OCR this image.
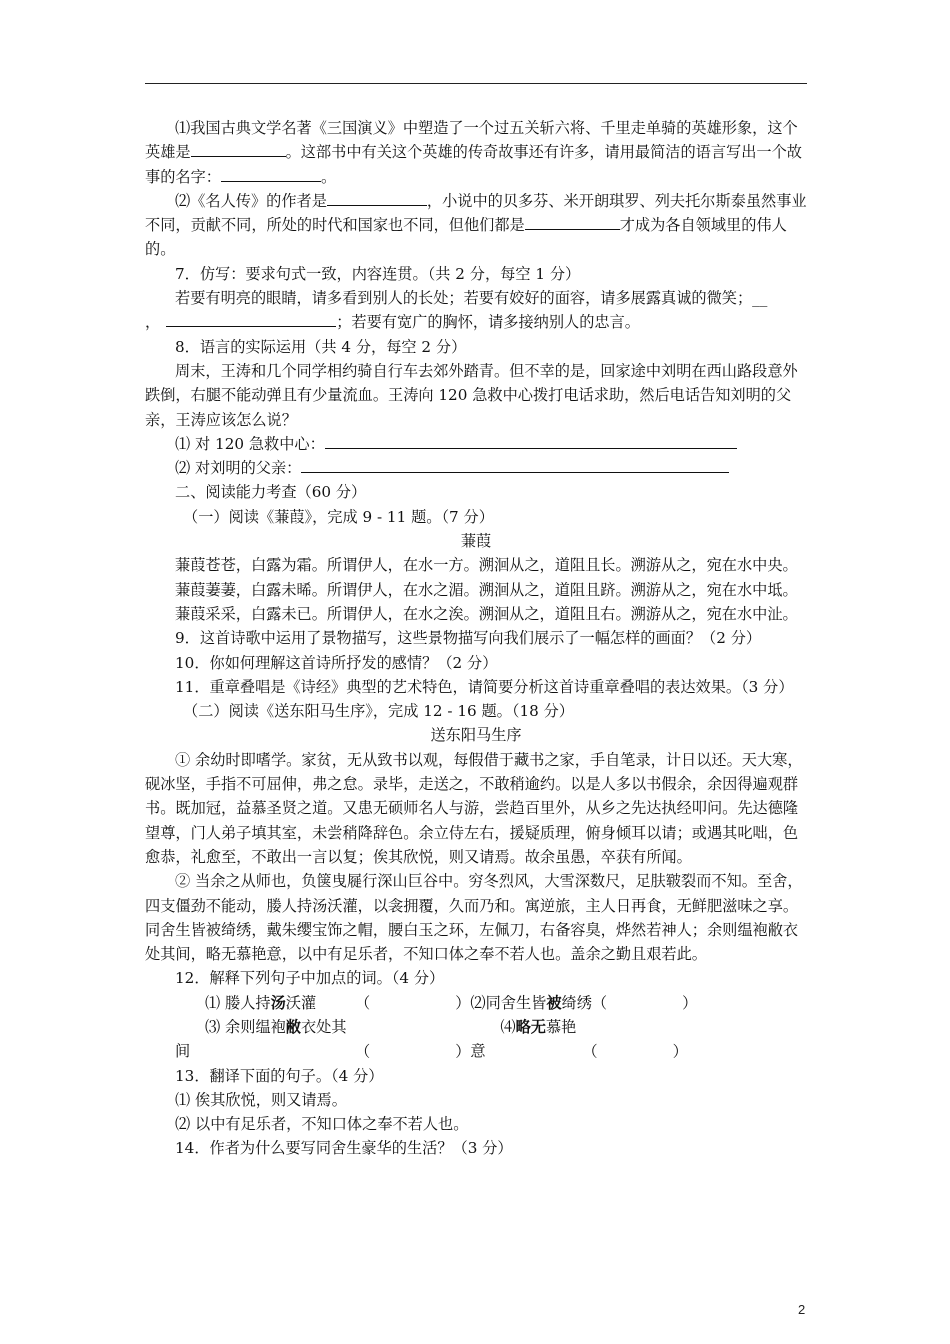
⑴我国古典文学名著《三国演义》中塑造了一个过五关斩六将、千里走单骑的英雄形象，这个英雄是	。这部书中有关这个英雄的传奇故事还有许多，请用最简洁的语言写出一个故事的名字：	。

⑵《名人传》的作者是	，小说中的贝多芬、米开朗琪罗、列夫托尔斯泰虽然事业不同，贡献不同，所处的时代和国家也不同，但他们都是	才成为各自领域里的伟人的。

7．仿写：要求句式一致，内容连贯。（共 2 分，每空 1 分）

若要有明亮的眼睛，请多看到别人的长处；若要有姣好的面容，请多展露真诚的微笑；__

，	；若要有宽广的胸怀，请多接纳别人的忠言。

8．语言的实际运用（共 4 分，每空 2 分）

周末，王涛和几个同学相约骑自行车去郊外踏青。但不幸的是，回家途中刘明在西山路段意外跌倒，右腿不能动弹且有少量流血。王涛向 120 急救中心拨打电话求助，然后电话告知刘明的父亲，王涛应该怎么说？

⑴ 对 120 急救中心：

⑵ 对刘明的父亲：

二、阅读能力考查（60 分）

（一）阅读《蒹葭》，完成 9 - 11 题。（7 分）

蒹葭

蒹葭苍苍，白露为霜。所谓伊人，在水一方。溯洄从之，道阻且长。溯游从之，宛在水中央。

蒹葭萋萋，白露未晞。所谓伊人，在水之湄。溯洄从之，道阻且跻。溯游从之，宛在水中坻。

蒹葭采采，白露未已。所谓伊人，在水之涘。溯洄从之，道阻且右。溯游从之，宛在水中沚。

9．这首诗歌中运用了景物描写，这些景物描写向我们展示了一幅怎样的画面？（2 分）

10．你如何理解这首诗所抒发的感情？（2 分）

11．重章叠唱是《诗经》典型的艺术特色，请简要分析这首诗重章叠唱的表达效果。（3 分）

（二）阅读《送东阳马生序》，完成 12 - 16 题。（18 分）

送东阳马生序

① 余幼时即嗜学。家贫，无从致书以观，每假借于藏书之家，手自笔录，计日以还。天大寒，砚冰坚，手指不可屈伸，弗之怠。录毕，走送之，不敢稍逾约。以是人多以书假余，余因得遍观群书。既加冠，益慕圣贤之道。又患无硕师名人与游，尝趋百里外，从乡之先达执经叩问。先达德隆望尊，门人弟子填其室，未尝稍降辞色。余立侍左右，援疑质理，俯身倾耳以请；或遇其叱咄，色愈恭，礼愈至，不敢出一言以复；俟其欣悦，则又请焉。故余虽愚，卒获有所闻。

② 当余之从师也，负箧曳屣行深山巨谷中。穷冬烈风，大雪深数尺，足肤皲裂而不知。至舍，四支僵劲不能动，媵人持汤沃灌，以衾拥覆，久而乃和。寓逆旅，主人日再食，无鲜肥滋味之享。同舍生皆被绮绣，戴朱缨宝饰之帽，腰白玉之环，左佩刀，右备容臭，烨然若神人；余则缊袍敝衣处其间，略无慕艳意，以中有足乐者，不知口体之奉不若人也。盖余之勤且艰若此。

12．解释下列句子中加点的词。（4 分）

⑴ 媵人持汤沃灌	（	）⑵同舍生皆被绮绣（	）

⑶ 余则缊袍敝衣处其间	（	）⑷略无慕艳意	（	）

13．翻译下面的句子。（4 分）

⑴ 俟其欣悦，则又请焉。

⑵ 以中有足乐者，不知口体之奉不若人也。

14．作者为什么要写同舍生豪华的生活？（3 分）

2
